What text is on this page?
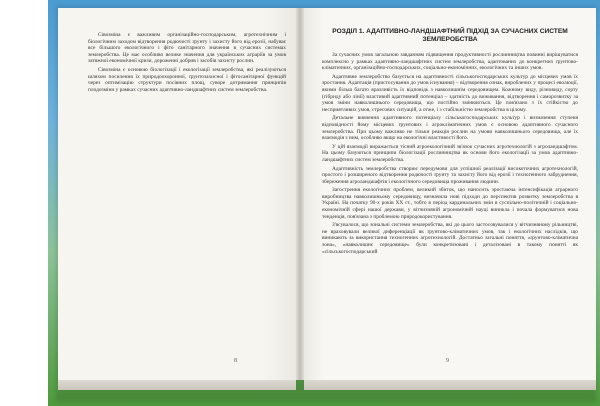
Сівозміна є важливим організаційно-господарським, агротехнічним і біологічним заходом відтворення родючості ґрунту і захисту його від ерозії, набуває все більшого екологічного і фіто санітарного значення в сучасних системах землеробства. Це має особливо велике значення для українських аграріїв за умов затяжної економічної кризи, дороженні добрив і засобів захисту рослин.

Сівозміна є основою біологізації і екологізації землеробства, які реалізуються шляхом посилення їх природоохоронної, ґрунтозахисної і фітосанітарної функцій через оптимізацію структури посівних площ, суворе дотримання принципів плодозміни у рамках сучасних адаптивно-ландшафтних систем землеробства.

8
РОЗДІЛ 1. АДАПТИВНО-ЛАНДШАФТНИЙ ПІДХІД ЗА СУЧАСНИХ СИСТЕМ ЗЕМЛЕРОБСТВА

За сучасних умов загальною завданням підвищення продуктивності рослинництва повинні вирішуватися комплексно у рамках адаптивно-ландшафтних систем землеробства, адаптованих до конкретних ґрунтово-кліматичних, організаційно-господарських, соціально-економічних, екологічних та інших умов.

Адаптивне землеробство базується на адаптивності сільськогосподарських культур до місцевих умов їх зростання. Адаптація (пристосування до умов існування) – відтворення ознак, вироблених у процесі еволюції, якими більш багато вразливість їх відповідь з навколишнім середовищем. Кожному виду, різновиду, сорту (гібриду або лінії) властивий адаптивний потенціал – здатність до виживання, відтворення і саморозвитку за умов зміни навколишнього середовища, що постійно змінюються. Це пов'язано з їх стійкістю до несприятливих умов, стресових ситуацій, а отже, і з стабільністю землеробства в цілому.

Детальне вивчення адаптивного потенціалу сільськогосподарських культур і визначення ступеня відповідності йому місцевих ґрунтових і агрокліматичних умов є основою адаптивного сучасного землеробства. При цьому важливо не тільки реакція рослин на умови навколишнього середовища, але їх взаємодія з ним, особливо якщо на екологічні властивості його.

У цій взаємодії виражається тісний агроекологічний зв'язок сучасних агротехнологій з агроландшафтом. На цьому базуються принципи біологізації рослинництва як основи його екологізації за умов адаптивно-ландшафтних систем землеробства.

Адаптивність землеробства створює передумови для успішної реалізації високоточних агротехнологій, простого і розширеного відтворення родючості ґрунту та захисту його від ерозії і техногенного забруднення, збереження агроландшафтів і екологічного середовища проживання людини.

Загострення екологічних проблем, великий збиток, що наносить зростаюча інтенсифікація аграрного виробництва навколишньому середовищу, визначила нові підходи до перспектив розвитку землеробства в Україні. На початку 90-х років ХХ ст., тобто в період кардинальних змін в суспільно-політичній і соціально-економічній сфері нашої держави, у вітчизняній агрономічній науці виникла і почала формуватися нова тенденція, пов'язана з проблемою природокористування.

З'ясувалося, що зональні системи землеробства, які до цього застосовувалися у вітчизняному рільництві, не враховували великої диференціації як ґрунтово-кліматичних умов, так і екологічних наслідків, що виникають за використання техногенних агротехнологій. Достатньо загальні поняття, «ґрунтово-кліматична зона», «навколишнє середовище» були конкретизовані і деталізовані в такому понятті як «сільськогосподарський

9
